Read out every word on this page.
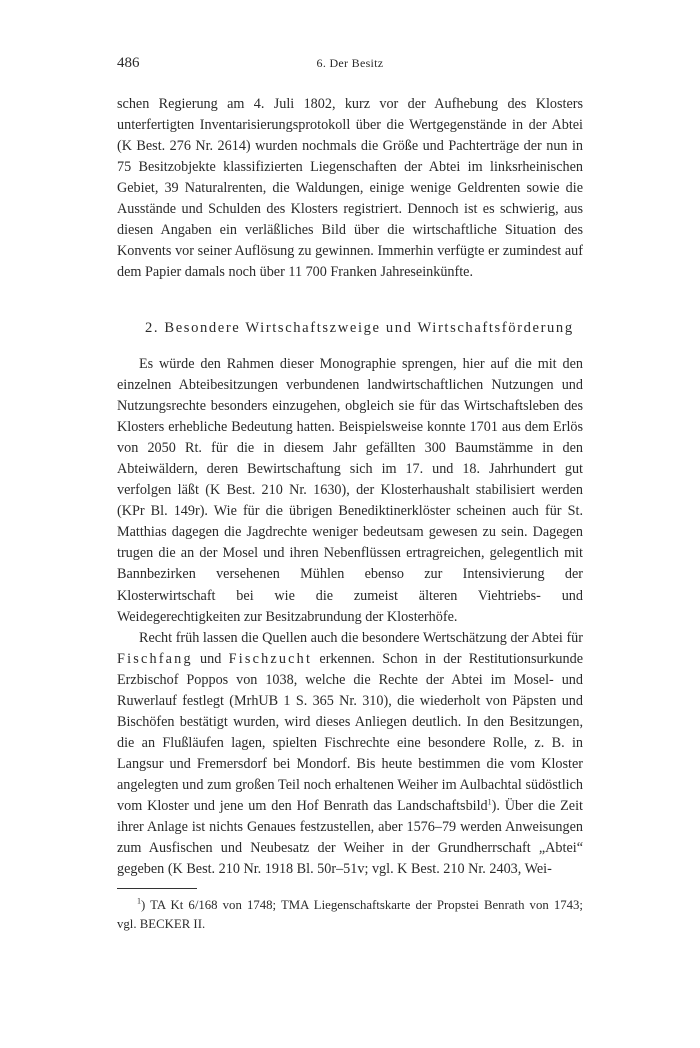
486	6. Der Besitz

schen Regierung am 4. Juli 1802, kurz vor der Aufhebung des Klosters unterfertigten Inventarisierungsprotokoll über die Wertgegenstände in der Abtei (K Best. 276 Nr. 2614) wurden nochmals die Größe und Pachterträge der nun in 75 Besitzobjekte klassifizierten Liegenschaften der Abtei im linksrheinischen Gebiet, 39 Naturalrenten, die Waldungen, einige wenige Geldrenten sowie die Ausstände und Schulden des Klosters registriert. Dennoch ist es schwierig, aus diesen Angaben ein verläßliches Bild über die wirtschaftliche Situation des Konvents vor seiner Auflösung zu gewinnen. Immerhin verfügte er zumindest auf dem Papier damals noch über 11 700 Franken Jahreseinkünfte.

2. Besondere Wirtschaftszweige und Wirtschaftsförderung

Es würde den Rahmen dieser Monographie sprengen, hier auf die mit den einzelnen Abteibesitzungen verbundenen landwirtschaftlichen Nutzungen und Nutzungsrechte besonders einzugehen, obgleich sie für das Wirtschaftsleben des Klosters erhebliche Bedeutung hatten. Beispielsweise konnte 1701 aus dem Erlös von 2050 Rt. für die in diesem Jahr gefällten 300 Baumstämme in den Abteiwäldern, deren Bewirtschaftung sich im 17. und 18. Jahrhundert gut verfolgen läßt (K Best. 210 Nr. 1630), der Klosterhaushalt stabilisiert werden (KPr Bl. 149r). Wie für die übrigen Benediktinerklöster scheinen auch für St. Matthias dagegen die Jagdrechte weniger bedeutsam gewesen zu sein. Dagegen trugen die an der Mosel und ihren Nebenflüssen ertragreichen, gelegentlich mit Bannbezirken versehenen Mühlen ebenso zur Intensivierung der Klosterwirtschaft bei wie die zumeist älteren Viehtriebs- und Weidegerechtigkeiten zur Besitzabrundung der Klosterhöfe.

Recht früh lassen die Quellen auch die besondere Wertschätzung der Abtei für Fischfang und Fischzucht erkennen. Schon in der Restitutionsurkunde Erzbischof Poppos von 1038, welche die Rechte der Abtei im Mosel- und Ruwerlauf festlegt (MrhUB 1 S. 365 Nr. 310), die wiederholt von Päpsten und Bischöfen bestätigt wurden, wird dieses Anliegen deutlich. In den Besitzungen, die an Flußläufen lagen, spielten Fischrechte eine besondere Rolle, z. B. in Langsur und Fremersdorf bei Mondorf. Bis heute bestimmen die vom Kloster angelegten und zum großen Teil noch erhaltenen Weiher im Aulbachtal südöstlich vom Kloster und jene um den Hof Benrath das Landschaftsbild$^1$). Über die Zeit ihrer Anlage ist nichts Genaues festzustellen, aber 1576–79 werden Anweisungen zum Ausfischen und Neubesatz der Weiher in der Grundherrschaft „Abtei“ gegeben (K Best. 210 Nr. 1918 Bl. 50r–51v; vgl. K Best. 210 Nr. 2403, Wei-

$^1$) TA Kt 6/168 von 1748; TMA Liegenschaftskarte der Propstei Benrath von 1743; vgl. BECKER II.
